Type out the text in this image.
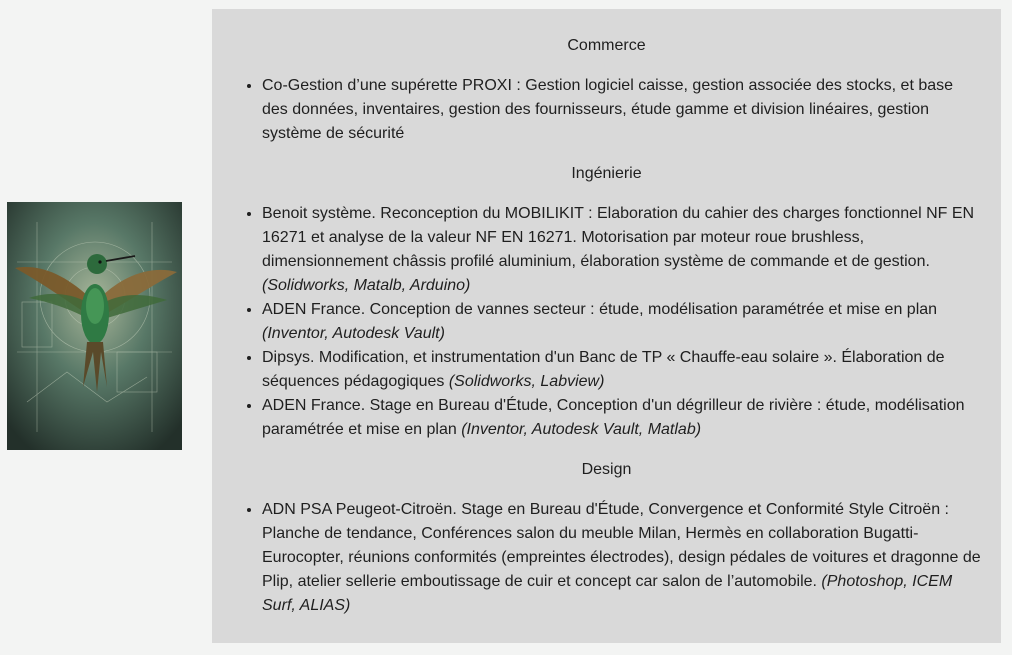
Commerce
• Co-Gestion d’une supérette PROXI : Gestion logiciel caisse, gestion associée des stocks, et base des données, inventaires, gestion des fournisseurs, étude gamme et division linéaires, gestion système de sécurité
Ingénierie
• Benoit système. Reconception du MOBILIKIT : Elaboration du cahier des charges fonctionnel NF EN 16271 et analyse de la valeur NF EN 16271. Motorisation par moteur roue brushless, dimensionnement châssis profilé aluminium, élaboration système de commande et de gestion. (Solidworks, Matalb, Arduino)
• ADEN France. Conception de vannes secteur : étude, modélisation paramétrée et mise en plan (Inventor, Autodesk Vault)
• Dipsys. Modification, et instrumentation d'un Banc de TP « Chauffe-eau solaire ». Élaboration de séquences pédagogiques (Solidworks, Labview)
• ADEN France. Stage en Bureau d'Étude, Conception d'un dégrilleur de rivière : étude, modélisation paramétrée et mise en plan (Inventor, Autodesk Vault, Matlab)
Design
• ADN PSA Peugeot-Citroën. Stage en Bureau d'Étude, Convergence et Conformité Style Citroën : Planche de tendance, Conférences salon du meuble Milan, Hermès en collaboration Bugatti-Eurocopter, réunions conformités (empreintes électrodes), design pédales de voitures et dragonne de Plip, atelier sellerie emboutissage de cuir et concept car salon de l’automobile. (Photoshop, ICEM Surf, ALIAS)
